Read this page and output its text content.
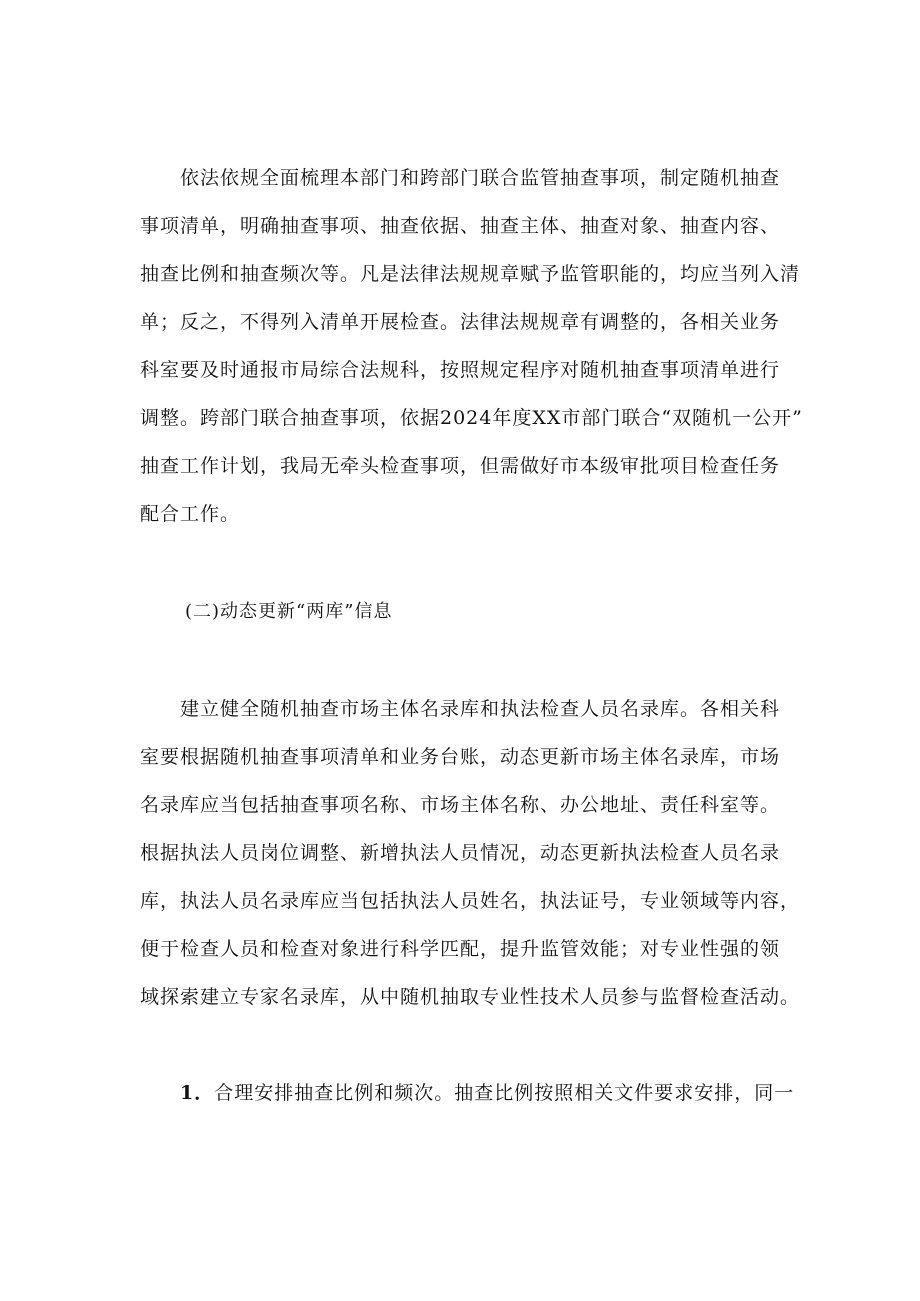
依法依规全面梳理本部门和跨部门联合监管抽查事项，制定随机抽查
事项清单，明确抽查事项、抽查依据、抽查主体、抽查对象、抽查内容、
抽查比例和抽查频次等。凡是法律法规规章赋予监管职能的，均应当列入清
单；反之，不得列入清单开展检查。法律法规规章有调整的，各相关业务
科室要及时通报市局综合法规科，按照规定程序对随机抽查事项清单进行
调整。跨部门联合抽查事项，依据2024年度XX市部门联合“双随机一公开”
抽查工作计划，我局无牵头检查事项，但需做好市本级审批项目检查任务
配合工作。
(二)动态更新“两库”信息
建立健全随机抽查市场主体名录库和执法检查人员名录库。各相关科
室要根据随机抽查事项清单和业务台账，动态更新市场主体名录库，市场
名录库应当包括抽查事项名称、市场主体名称、办公地址、责任科室等。
根据执法人员岗位调整、新增执法人员情况，动态更新执法检查人员名录
库，执法人员名录库应当包括执法人员姓名，执法证号，专业领域等内容，
便于检查人员和检查对象进行科学匹配，提升监管效能；对专业性强的领
域探索建立专家名录库，从中随机抽取专业性技术人员参与监督检查活动。
1．合理安排抽查比例和频次。抽查比例按照相关文件要求安排，同一
